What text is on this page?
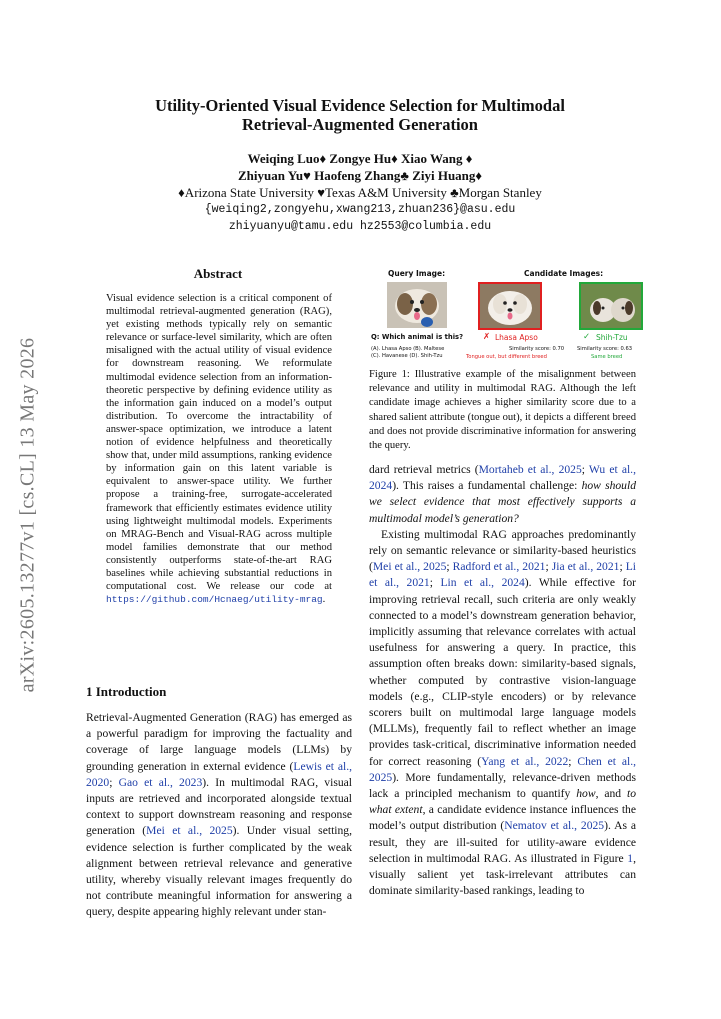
arXiv:2605.13277v1 [cs.CL] 13 May 2026
Utility-Oriented Visual Evidence Selection for Multimodal
Retrieval-Augmented Generation
Weiqing Luo♦ Zongye Hu♦ Xiao Wang ♦
Zhiyuan Yu♥ Haofeng Zhang♣ Ziyi Huang♦
♦Arizona State University ♥Texas A&M University ♣Morgan Stanley
{weiqing2,zongyehu,xwang213,zhuan236}@asu.edu
zhiyuanyu@tamu.edu hz2553@columbia.edu
Abstract
Visual evidence selection is a critical component of multimodal retrieval-augmented generation (RAG), yet existing methods typically rely on semantic relevance or surface-level similarity, which are often misaligned with the actual utility of visual evidence for downstream reasoning. We reformulate multimodal evidence selection from an information-theoretic perspective by defining evidence utility as the information gain induced on a model’s output distribution. To overcome the intractability of answer-space optimization, we introduce a latent notion of evidence helpfulness and theoretically show that, under mild assumptions, ranking evidence by information gain on this latent variable is equivalent to answer-space utility. We further propose a training-free, surrogate-accelerated framework that efficiently estimates evidence utility using lightweight multimodal models. Experiments on MRAG-Bench and Visual-RAG across multiple model families demonstrate that our method consistently outperforms state-of-the-art RAG baselines while achieving substantial reductions in computational cost. We release our code at https://github.com/Hcnaeg/utility-mrag.
1 Introduction
Retrieval-Augmented Generation (RAG) has emerged as a powerful paradigm for improving the factuality and coverage of large language models (LLMs) by grounding generation in external evidence (Lewis et al., 2020; Gao et al., 2023). In multimodal RAG, visual inputs are retrieved and incorporated alongside textual context to support downstream reasoning and response generation (Mei et al., 2025). Under visual setting, evidence selection is further complicated by the weak alignment between retrieval relevance and generative utility, whereby visually relevant images frequently do not contribute meaningful information for answering a query, despite appearing highly relevant under stan-
Query Image:	Candidate Images:
Q: Which animal is this?
(A). Lhasa Apso (B). Maltese
(C). Havanese (D). Shih-Tzu
✗ Lhasa Apso
Similarity score: 0.70
Tongue out, but different breed
✓ Shih-Tzu
Similarity score: 0.63
Same breed
Figure 1: Illustrative example of the misalignment between relevance and utility in multimodal RAG. Although the left candidate image achieves a higher similarity score due to a shared salient attribute (tongue out), it depicts a different breed and does not provide discriminative information for answering the query.

dard retrieval metrics (Mortaheb et al., 2025; Wu et al., 2024). This raises a fundamental challenge: how should we select evidence that most effectively supports a multimodal model’s generation?

Existing multimodal RAG approaches predominantly rely on semantic relevance or similarity-based heuristics (Mei et al., 2025; Radford et al., 2021; Jia et al., 2021; Li et al., 2021; Lin et al., 2024). While effective for improving retrieval recall, such criteria are only weakly connected to a model’s downstream generation behavior, implicitly assuming that relevance correlates with actual usefulness for answering a query. In practice, this assumption often breaks down: similarity-based signals, whether computed by contrastive vision-language models (e.g., CLIP-style encoders) or by relevance scorers built on multimodal large language models (MLLMs), frequently fail to reflect whether an image provides task-critical, discriminative information needed for correct reasoning (Yang et al., 2022; Chen et al., 2025). More fundamentally, relevance-driven methods lack a principled mechanism to quantify how, and to what extent, a candidate evidence instance influences the model’s output distribution (Nematov et al., 2025). As a result, they are ill-suited for utility-aware evidence selection in multimodal RAG. As illustrated in Figure 1, visually salient yet task-irrelevant attributes can dominate similarity-based rankings, leading to
